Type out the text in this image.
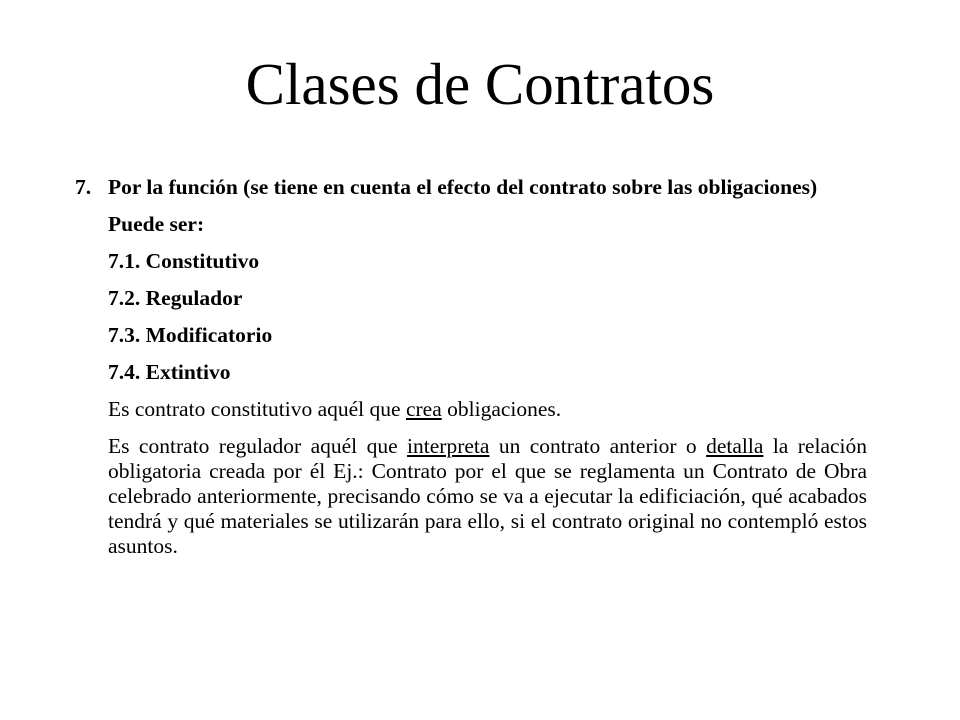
Clases de Contratos
7. Por la función (se tiene en cuenta el efecto del contrato sobre las obligaciones)

Puede ser:

7.1. Constitutivo

7.2. Regulador

7.3. Modificatorio

7.4. Extintivo

Es contrato constitutivo aquél que crea obligaciones.

Es contrato regulador aquél que interpreta un contrato anterior o detalla la relación obligatoria creada por él Ej.: Contrato por el que se reglamenta un Contrato de Obra celebrado anteriormente, precisando cómo se va a ejecutar la edificiación, qué acabados tendrá y qué materiales se utilizarán para ello, si el contrato original no contempló estos asuntos.
